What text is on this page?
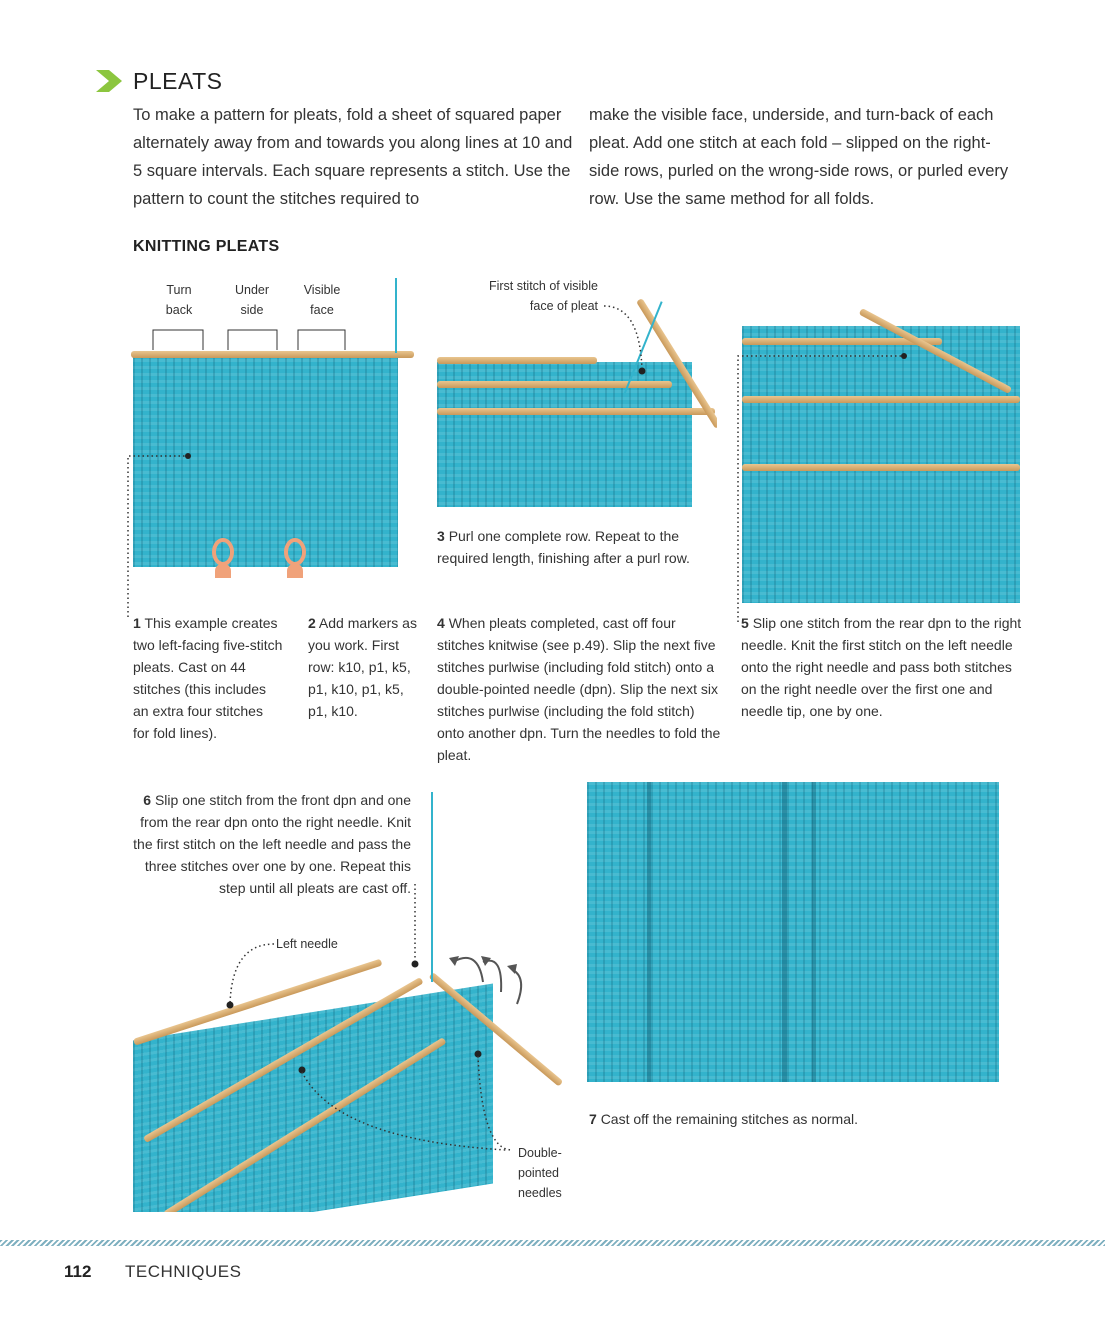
PLEATS
To make a pattern for pleats, fold a sheet of squared paper alternately away from and towards you along lines at 10 and 5 square intervals. Each square represents a stitch. Use the pattern to count the stitches required to
make the visible face, underside, and turn-back of each pleat. Add one stitch at each fold – slipped on the right-side rows, purled on the wrong-side rows, or purled every row. Use the same method for all folds.
KNITTING PLEATS
Turn
back
Under
side
Visible
face
First stitch of visible
face of pleat
1 This example creates two left-facing five-stitch pleats. Cast on 44 stitches (this includes an extra four stitches for fold lines).
2 Add markers as you work. First row: k10, p1, k5, p1, k10, p1, k5, p1, k10.
3 Purl one complete row. Repeat to the required length, finishing after a purl row.
4 When pleats completed, cast off four stitches knitwise (see p.49). Slip the next five stitches purlwise (including fold stitch) onto a double-pointed needle (dpn). Slip the next six stitches purlwise (including the fold stitch) onto another dpn. Turn the needles to fold the pleat.
5 Slip one stitch from the rear dpn to the right needle. Knit the first stitch on the left needle onto the right needle and pass both stitches on the right needle over the first one and needle tip, one by one.
6 Slip one stitch from the front dpn and one from the rear dpn onto the right needle. Knit the first stitch on the left needle and pass the three stitches over one by one. Repeat this step until all pleats are cast off.
Left needle
Double-
pointed
needles
7 Cast off the remaining stitches as normal.
112 TECHNIQUES
